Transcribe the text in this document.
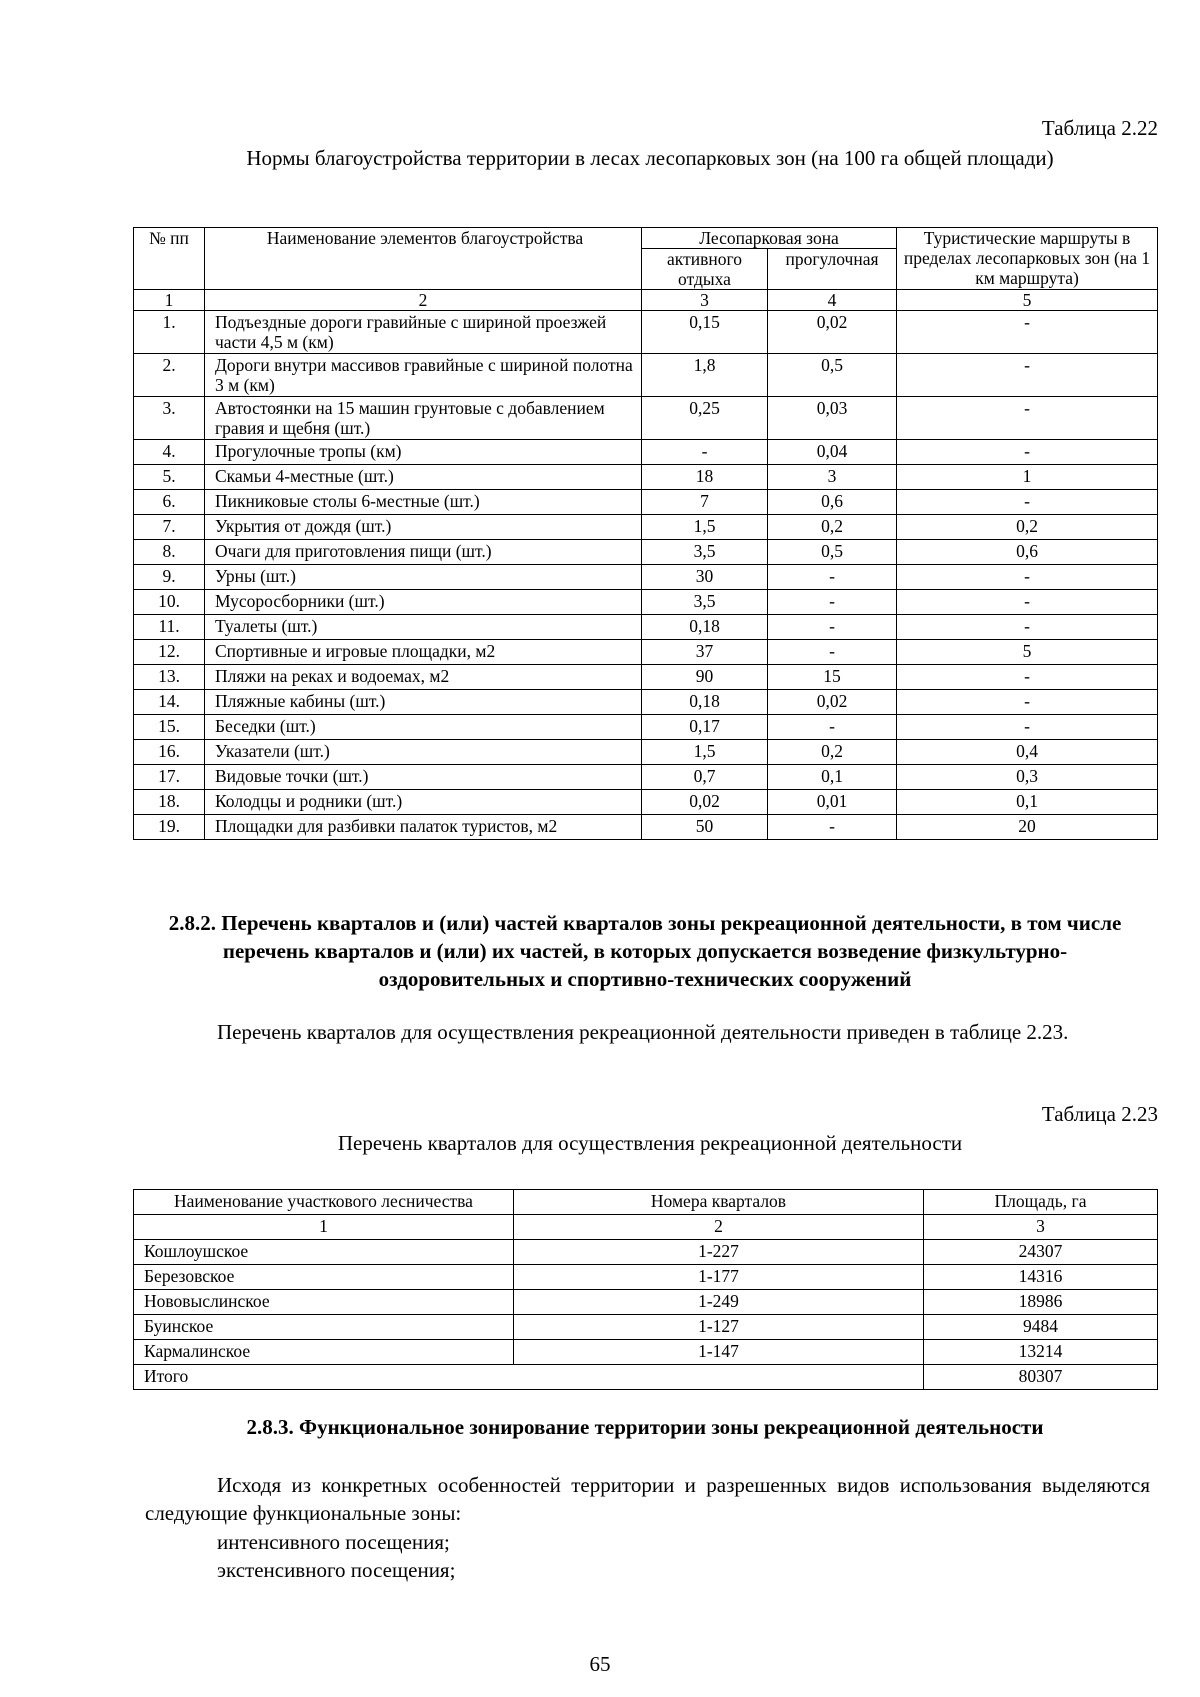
Таблица 2.22
Нормы благоустройства территории в лесах лесопарковых зон (на 100 га общей площади)
№ пп	Наименование элементов благоустройства	Лесопарковая зона		Туристические маршруты в пределах лесопарковых зон (на 1 км маршрута)
		активного отдыха	прогулочная	
1	2	3	4	5
1.	Подъездные дороги гравийные с шириной проезжей части 4,5 м (км)	0,15	0,02	-
2.	Дороги внутри массивов гравийные с шириной полотна 3 м (км)	1,8	0,5	-
3.	Автостоянки на 15 машин грунтовые с добавлением гравия и щебня (шт.)	0,25	0,03	-
4.	Прогулочные тропы (км)	-	0,04	-
5.	Скамьи 4-местные (шт.)	18	3	1
6.	Пикниковые столы 6-местные (шт.)	7	0,6	-
7.	Укрытия от дождя (шт.)	1,5	0,2	0,2
8.	Очаги для приготовления пищи (шт.)	3,5	0,5	0,6
9.	Урны (шт.)	30	-	-
10.	Мусоросборники (шт.)	3,5	-	-
11.	Туалеты (шт.)	0,18	-	-
12.	Спортивные и игровые площадки, м2	37	-	5
13.	Пляжи на реках и водоемах, м2	90	15	-
14.	Пляжные кабины (шт.)	0,18	0,02	-
15.	Беседки (шт.)	0,17	-	-
16.	Указатели (шт.)	1,5	0,2	0,4
17.	Видовые точки (шт.)	0,7	0,1	0,3
18.	Колодцы и родники (шт.)	0,02	0,01	0,1
19.	Площадки для разбивки палаток туристов, м2	50	-	20
2.8.2. Перечень кварталов и (или) частей кварталов зоны рекреационной деятельности, в том числе перечень кварталов и (или) их частей, в которых допускается возведение физкультурно-оздоровительных и спортивно-технических сооружений
Перечень кварталов для осуществления рекреационной деятельности приведен в таблице 2.23.
Таблица 2.23
Перечень кварталов для осуществления рекреационной деятельности
Наименование участкового лесничества	Номера кварталов	Площадь, га
1	2	3
Кошлоушское	1-227	24307
Березовское	1-177	14316
Нововыслинское	1-249	18986
Буинское	1-127	9484
Кармалинское	1-147	13214
Итого		80307
2.8.3. Функциональное зонирование территории зоны рекреационной деятельности
Исходя из конкретных особенностей территории и разрешенных видов использования выделяются следующие функциональные зоны:
интенсивного посещения;
экстенсивного посещения;
65
